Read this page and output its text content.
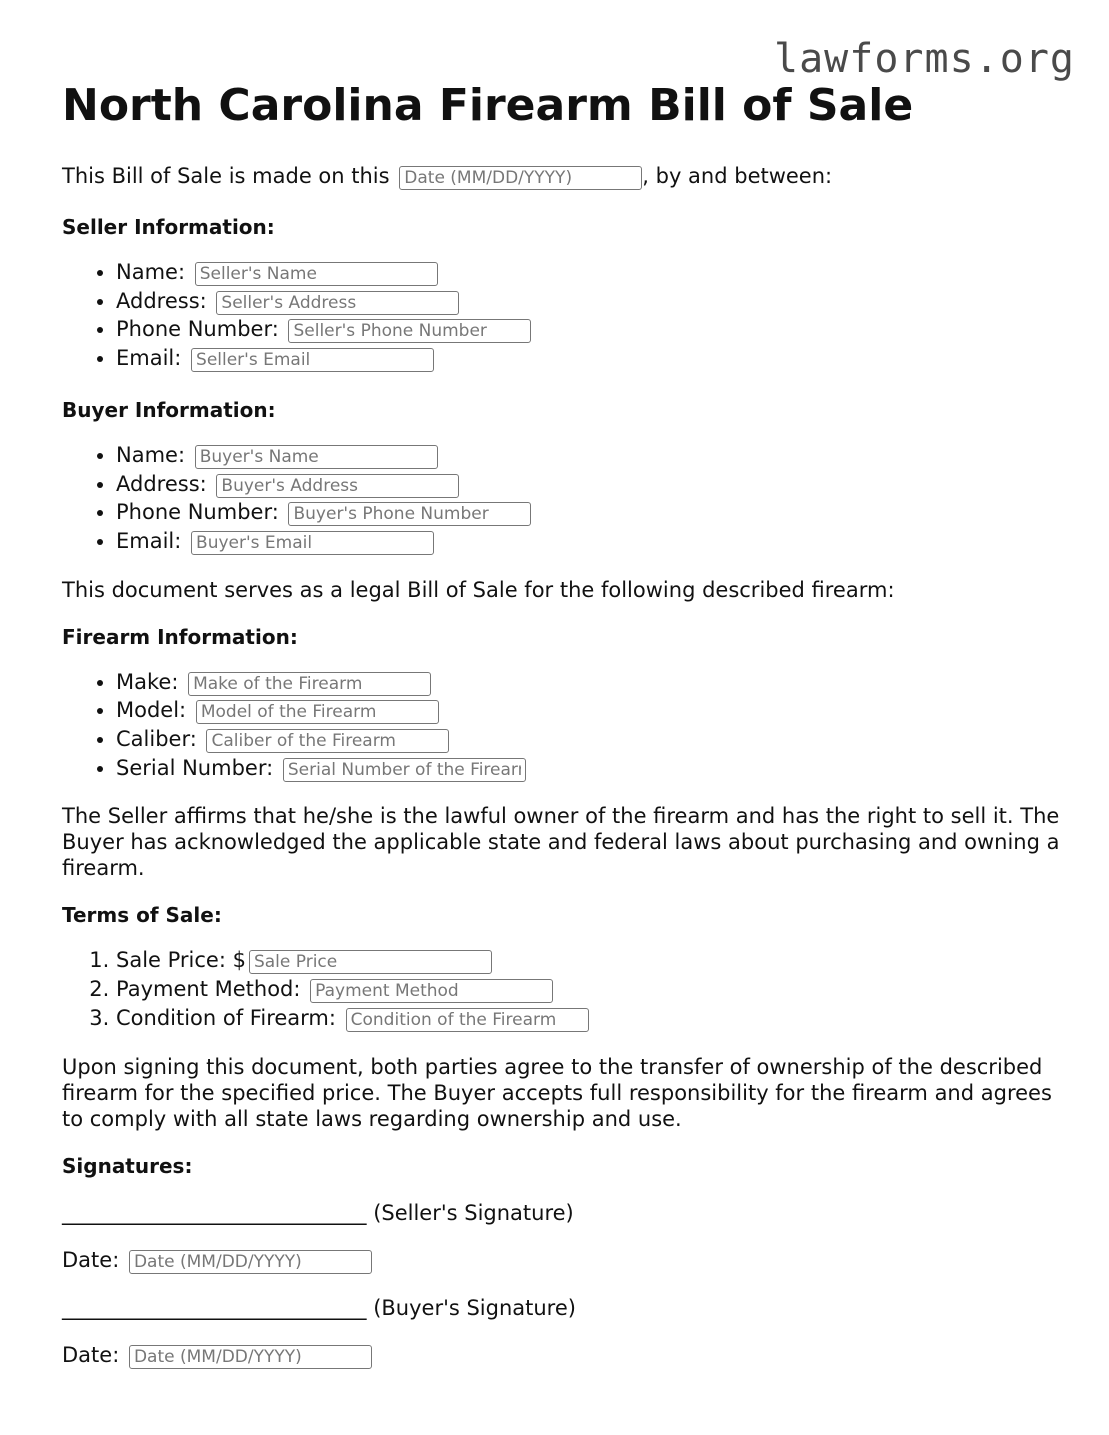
lawforms.org
North Carolina Firearm Bill of Sale

This Bill of Sale is made on this Date (MM/DD/YYYY)	, by and between:

Seller Information:
• Name: Seller's Name
• Address: Seller's Address
• Phone Number: Seller's Phone Number
• Email: Seller's Email
Buyer Information:
• Name: Buyer's Name
• Address: Buyer's Address
• Phone Number: Buyer's Phone Number
• Email: Buyer's Email

This document serves as a legal Bill of Sale for the following described firearm:

Firearm Information:
• Make: Make of the Firearm
• Model: Model of the Firearm
• Caliber: Caliber of the Firearm
• Serial Number: Serial Number of the Firearm

The Seller affirms that he/she is the lawful owner of the firearm and has the right to sell it. The Buyer has acknowledged the applicable state and federal laws about purchasing and owning a firearm.

Terms of Sale:
1. Sale Price: $Sale Price
2. Payment Method: Payment Method
3. Condition of Firearm: Condition of the Firearm

Upon signing this document, both parties agree to the transfer of ownership of the described firearm for the specified price. The Buyer accepts full responsibility for the firearm and agrees to comply with all state laws regarding ownership and use.

Signatures:

_____________________________ (Seller's Signature)

Date: Date (MM/DD/YYYY)

_____________________________ (Buyer's Signature)

Date: Date (MM/DD/YYYY)
